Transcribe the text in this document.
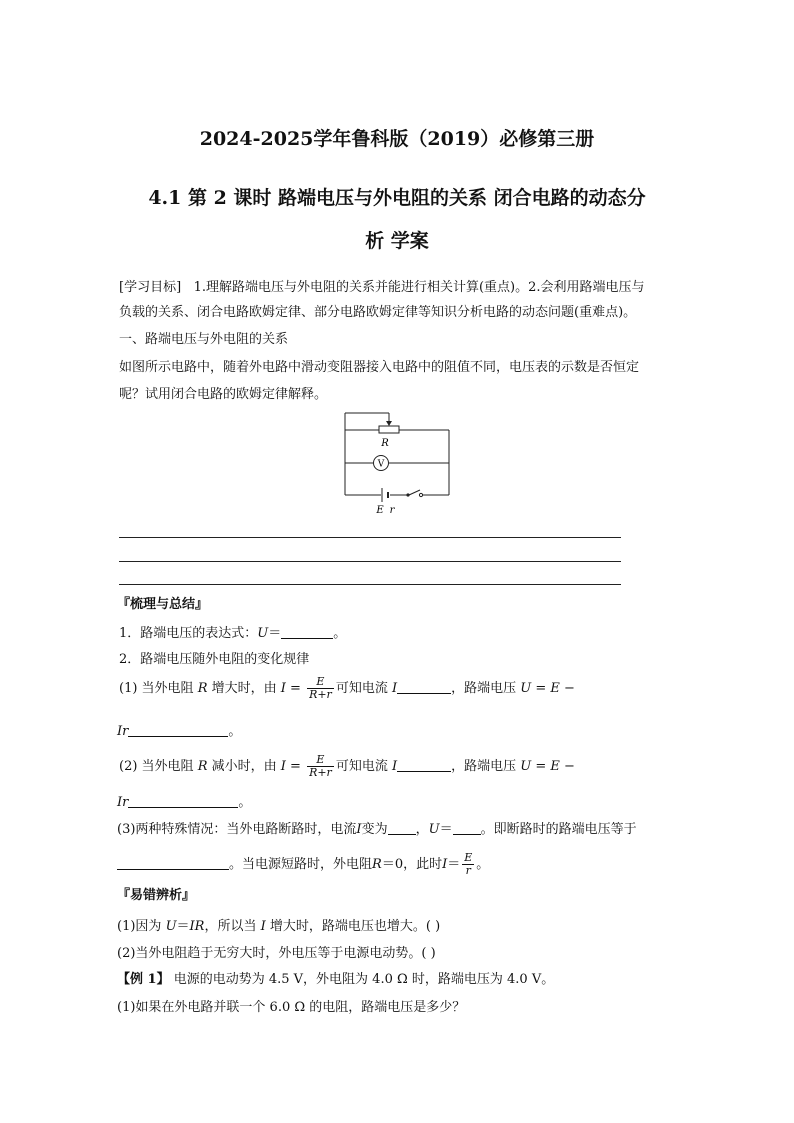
2024-2025学年鲁科版（2019）必修第三册
4.1 第 2 课时 路端电压与外电阻的关系 闭合电路的动态分
析 学案
[学习目标] 1.理解路端电压与外电阻的关系并能进行相关计算(重点)。2.会利用路端电压与
负载的关系、闭合电路欧姆定律、部分电路欧姆定律等知识分析电路的动态问题(重难点)。
一、路端电压与外电阻的关系
如图所示电路中，随着外电路中滑动变阻器接入电路中的阻值不同，电压表的示数是否恒定
呢？试用闭合电路的欧姆定律解释。
V
R
E r
『梳理与总结』
1．路端电压的表达式：U＝	。
2．路端电压随外电阻的变化规律
(1) 当外电阻 R 增大时，由 $I = \frac{E}{R+r}$ 可知电流 I	，路端电压 U = E −
Ir	。
(2) 当外电阻 R 减小时，由 $I = \frac{E}{R+r}$ 可知电流 I	，路端电压 U = E −
Ir	。
(3)两种特殊情况：当外电路断路时，电流I变为 ，U＝ 。即断路时的路端电压等于
。当电源短路时，外电阻R＝0，此时$I= \frac{E}{r}$ 。
『易错辨析』
(1)因为 U＝IR，所以当 I 增大时，路端电压也增大。( )
(2)当外电阻趋于无穷大时，外电压等于电源电动势。( )
【例 1】 电源的电动势为 4.5 V，外电阻为 4.0 Ω 时，路端电压为 4.0 V。
(1)如果在外电路并联一个 6.0 Ω 的电阻，路端电压是多少？
